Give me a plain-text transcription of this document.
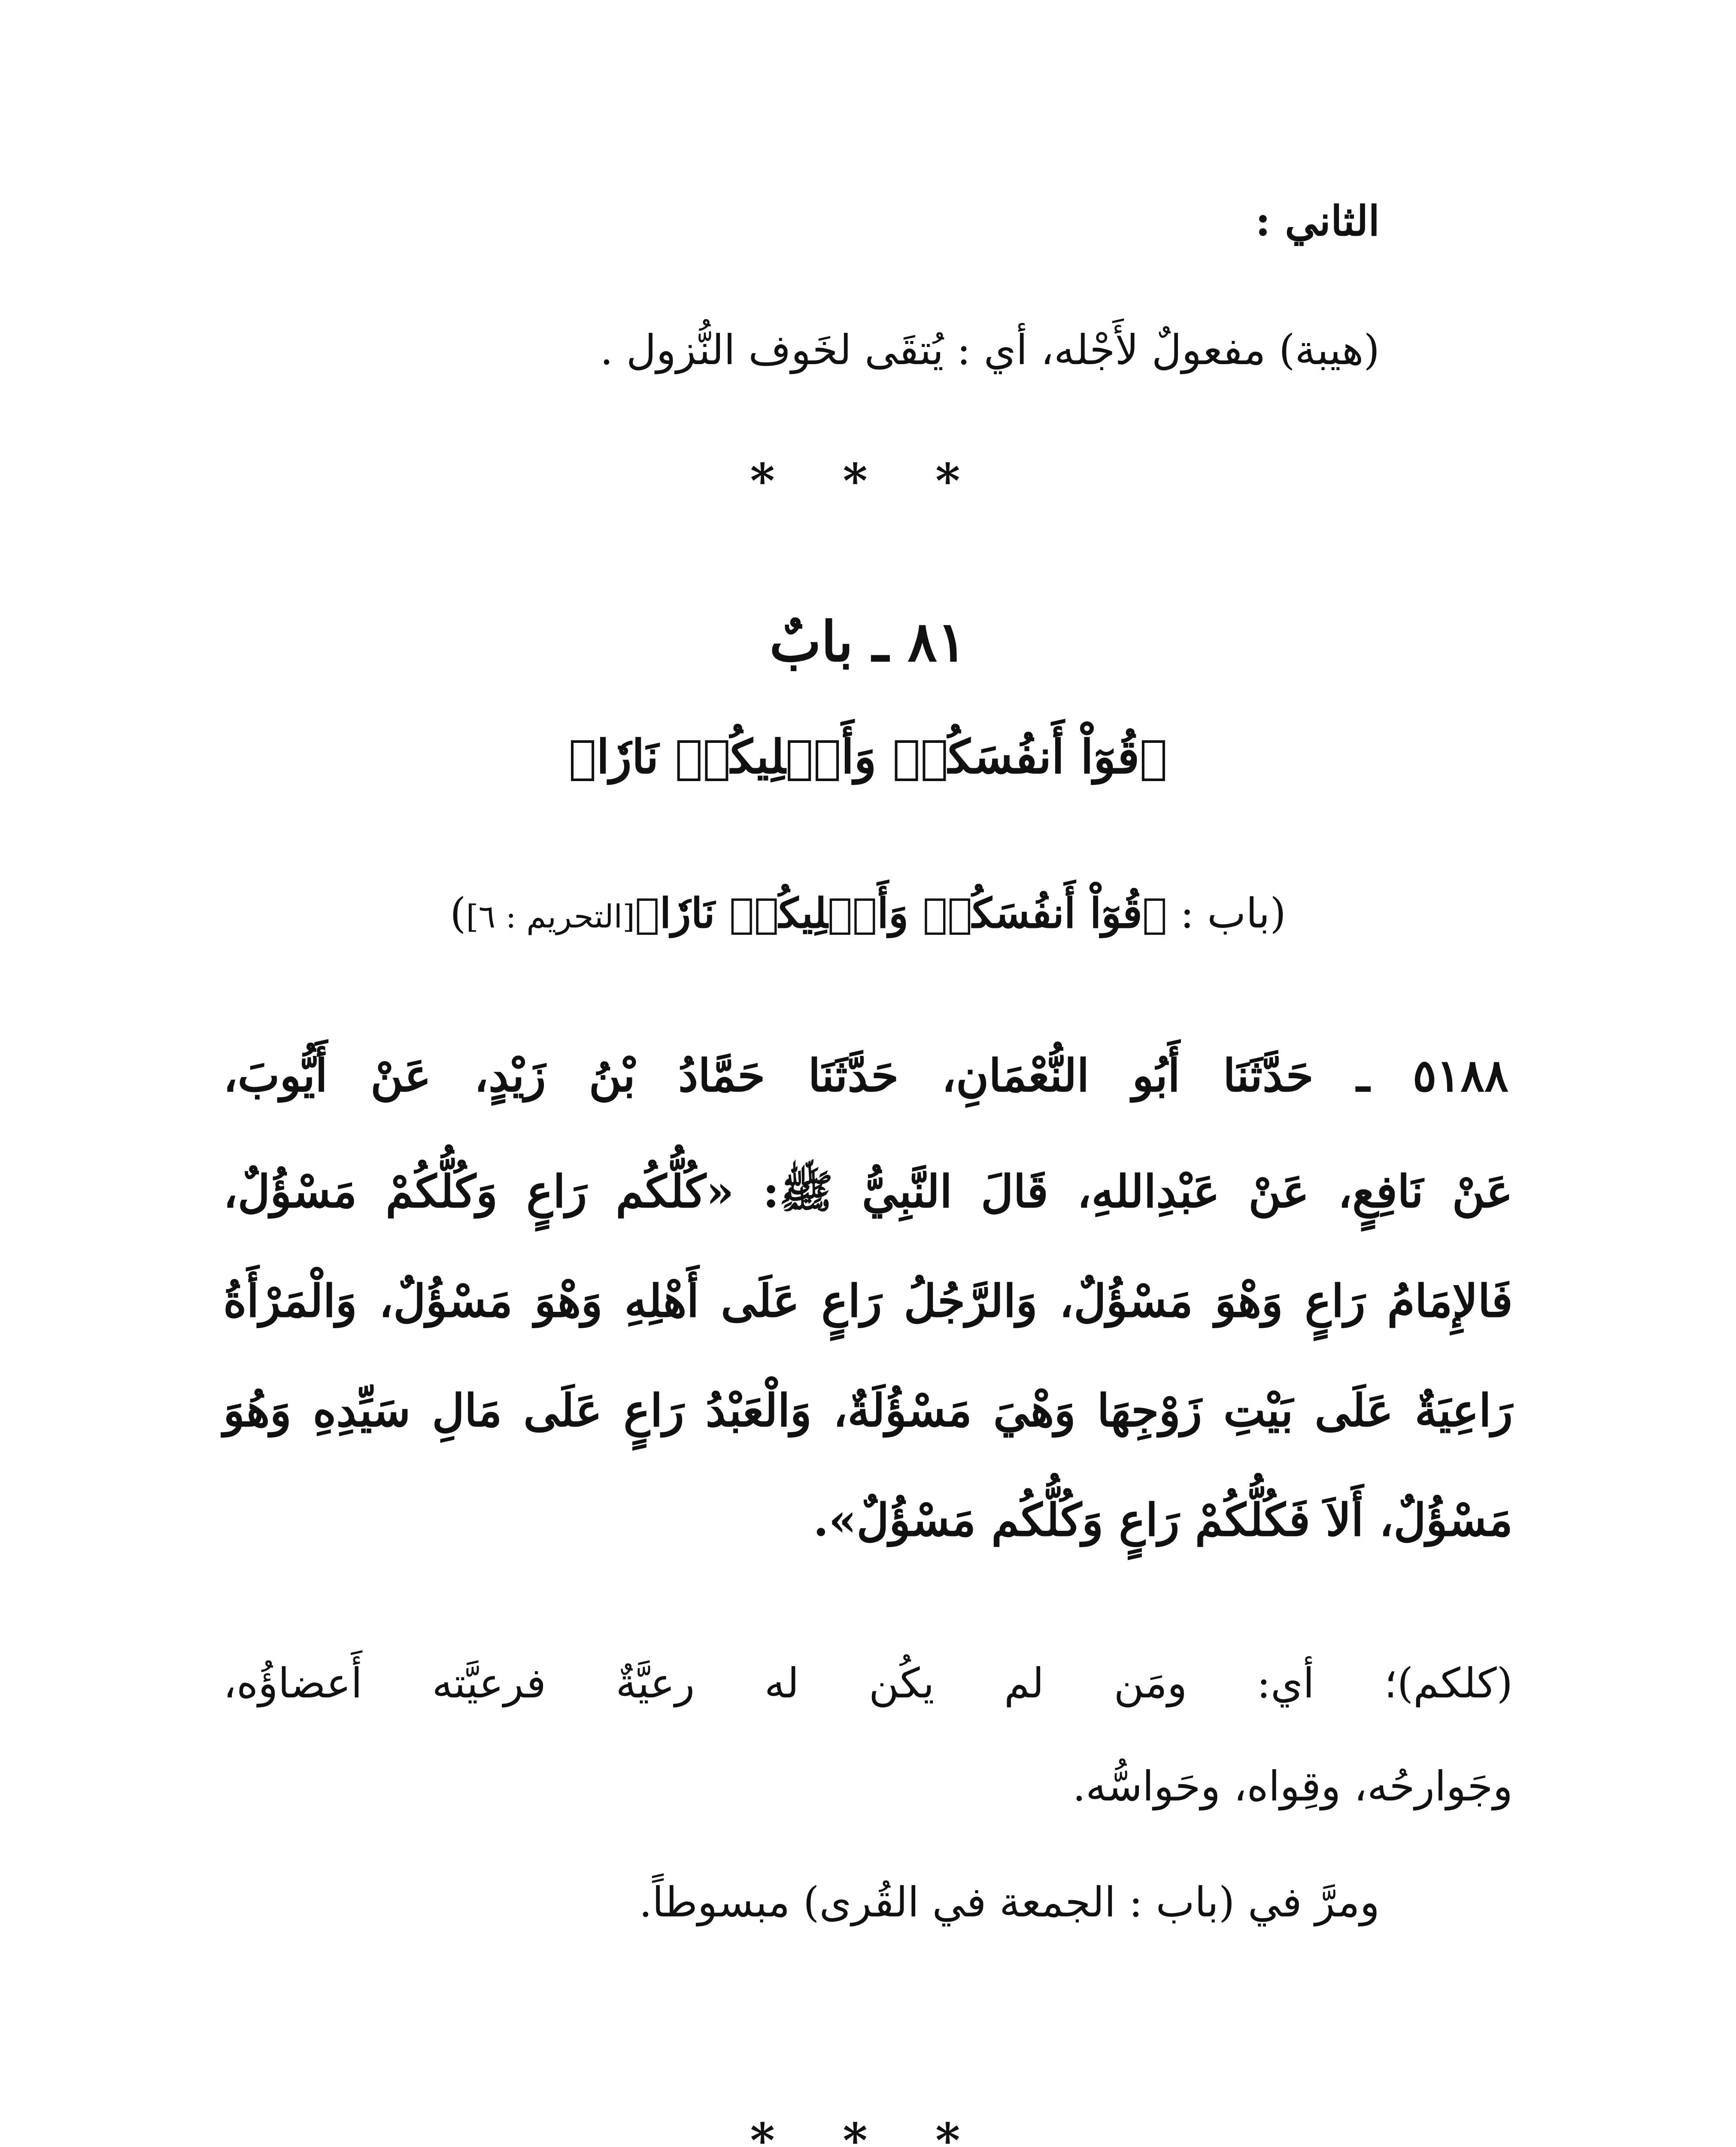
الثاني :
(هيبة) مفعولٌ لأَجْله، أي : يُتقَى لخَوف النُّزول .
* * *
٨١ ـ بابٌ
﴿قُوٓاْ أَنفُسَكُمۡ وَأَهۡلِيكُمۡ نَارٗا﴾
(باب : ﴿قُوٓاْ أَنفُسَكُمۡ وَأَهۡلِيكُمۡ نَارٗا﴾[التحريم : ٦])
٥١٨٨ ـ حَدَّثَنَا أَبُو النُّعْمَانِ، حَدَّثَنَا حَمَّادُ بْنُ زَيْدٍ، عَنْ أَيُّوبَ،
عَنْ نَافِعٍ، عَنْ عَبْدِاللهِ، قَالَ النَّبِيُّ ﷺ: «كُلُّكُم رَاعٍ وَكُلُّكُمْ مَسْؤُلٌ،
فَالإِمَامُ رَاعٍ وَهْوَ مَسْؤُلٌ، وَالرَّجُلُ رَاعٍ عَلَى أَهْلِهِ وَهْوَ مَسْؤُلٌ، وَالْمَرْأَةُ
رَاعِيَةٌ عَلَى بَيْتِ زَوْجِهَا وَهْيَ مَسْؤُلَةٌ، وَالْعَبْدُ رَاعٍ عَلَى مَالِ سَيِّدِهِ وَهُوَ
مَسْؤُلٌ، أَلاَ فَكُلُّكُمْ رَاعٍ وَكُلُّكُم مَسْؤُلٌ».
(كلكم)؛ أي: ومَن لم يكُن له رعيَّةٌ فرعيَّته أَعضاؤُه،
وجَوارحُه، وقِواه، وحَواسُّه.
ومرَّ في (باب : الجمعة في القُرى) مبسوطاً.
* * *
